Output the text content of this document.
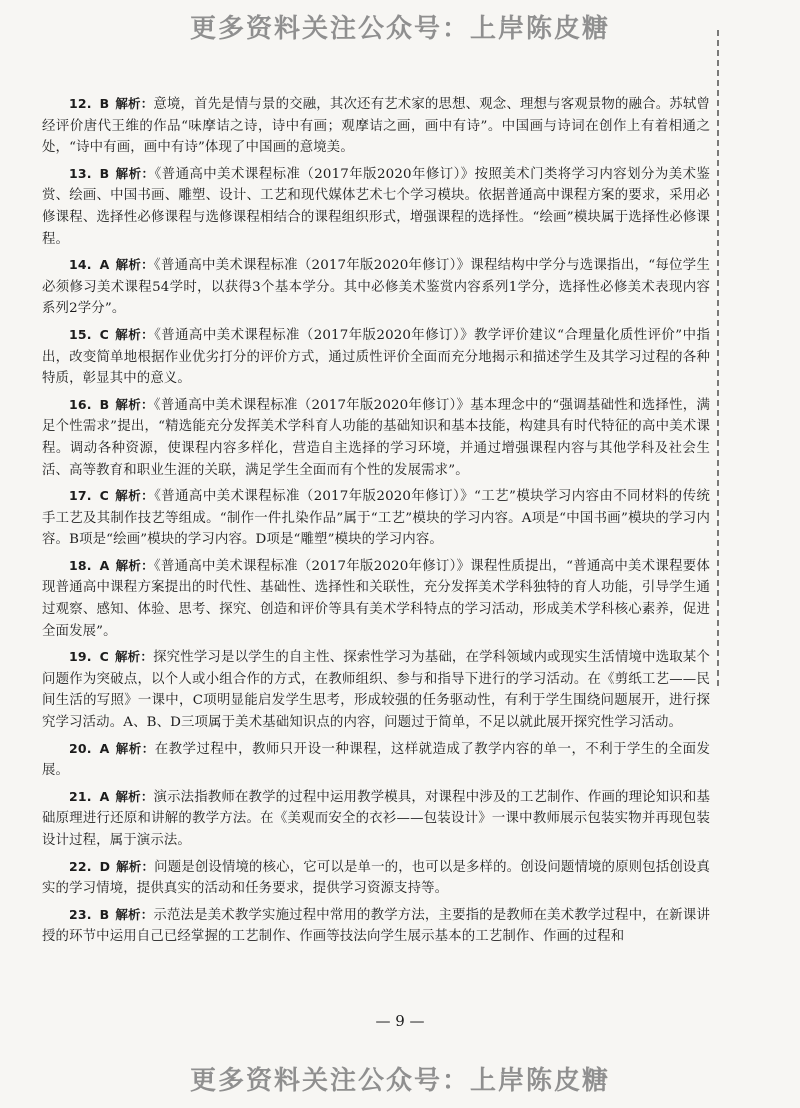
更多资料关注公众号：上岸陈皮糖

12. B 解析：意境，首先是情与景的交融，其次还有艺术家的思想、观念、理想与客观景物的融合。苏轼曾经评价唐代王维的作品“味摩诘之诗，诗中有画；观摩诘之画，画中有诗”。中国画与诗词在创作上有着相通之处，“诗中有画，画中有诗”体现了中国画的意境美。

13. B 解析：《普通高中美术课程标准（2017年版2020年修订）》按照美术门类将学习内容划分为美术鉴赏、绘画、中国书画、雕塑、设计、工艺和现代媒体艺术七个学习模块。依据普通高中课程方案的要求，采用必修课程、选择性必修课程与选修课程相结合的课程组织形式，增强课程的选择性。“绘画”模块属于选择性必修课程。

14. A 解析：《普通高中美术课程标准（2017年版2020年修订）》课程结构中学分与选课指出，“每位学生必须修习美术课程54学时，以获得3个基本学分。其中必修美术鉴赏内容系列1学分，选择性必修美术表现内容系列2学分”。

15. C 解析：《普通高中美术课程标准（2017年版2020年修订）》教学评价建议“合理量化质性评价”中指出，改变简单地根据作业优劣打分的评价方式，通过质性评价全面而充分地揭示和描述学生及其学习过程的各种特质，彰显其中的意义。

16. B 解析：《普通高中美术课程标准（2017年版2020年修订）》基本理念中的“强调基础性和选择性，满足个性需求”提出，“精选能充分发挥美术学科育人功能的基础知识和基本技能，构建具有时代特征的高中美术课程。调动各种资源，使课程内容多样化，营造自主选择的学习环境，并通过增强课程内容与其他学科及社会生活、高等教育和职业生涯的关联，满足学生全面而有个性的发展需求”。

17. C 解析：《普通高中美术课程标准（2017年版2020年修订）》“工艺”模块学习内容由不同材料的传统手工艺及其制作技艺等组成。“制作一件扎染作品”属于“工艺”模块的学习内容。A项是“中国书画”模块的学习内容。B项是“绘画”模块的学习内容。D项是“雕塑”模块的学习内容。

18. A 解析：《普通高中美术课程标准（2017年版2020年修订）》课程性质提出，“普通高中美术课程要体现普通高中课程方案提出的时代性、基础性、选择性和关联性，充分发挥美术学科独特的育人功能，引导学生通过观察、感知、体验、思考、探究、创造和评价等具有美术学科特点的学习活动，形成美术学科核心素养，促进全面发展”。

19. C 解析：探究性学习是以学生的自主性、探索性学习为基础，在学科领域内或现实生活情境中选取某个问题作为突破点，以个人或小组合作的方式，在教师组织、参与和指导下进行的学习活动。在《剪纸工艺——民间生活的写照》一课中，C项明显能启发学生思考，形成较强的任务驱动性，有利于学生围绕问题展开，进行探究学习活动。A、B、D三项属于美术基础知识点的内容，问题过于简单，不足以就此展开探究性学习活动。

20. A 解析：在教学过程中，教师只开设一种课程，这样就造成了教学内容的单一，不利于学生的全面发展。

21. A 解析：演示法指教师在教学的过程中运用教学模具，对课程中涉及的工艺制作、作画的理论知识和基础原理进行还原和讲解的教学方法。在《美观而安全的衣衫——包装设计》一课中教师展示包装实物并再现包装设计过程，属于演示法。

22. D 解析：问题是创设情境的核心，它可以是单一的，也可以是多样的。创设问题情境的原则包括创设真实的学习情境，提供真实的活动和任务要求，提供学习资源支持等。

23. B 解析：示范法是美术教学实施过程中常用的教学方法，主要指的是教师在美术教学过程中，在新课讲授的环节中运用自己已经掌握的工艺制作、作画等技法向学生展示基本的工艺制作、作画的过程和

— 9 —
更多资料关注公众号：上岸陈皮糖
